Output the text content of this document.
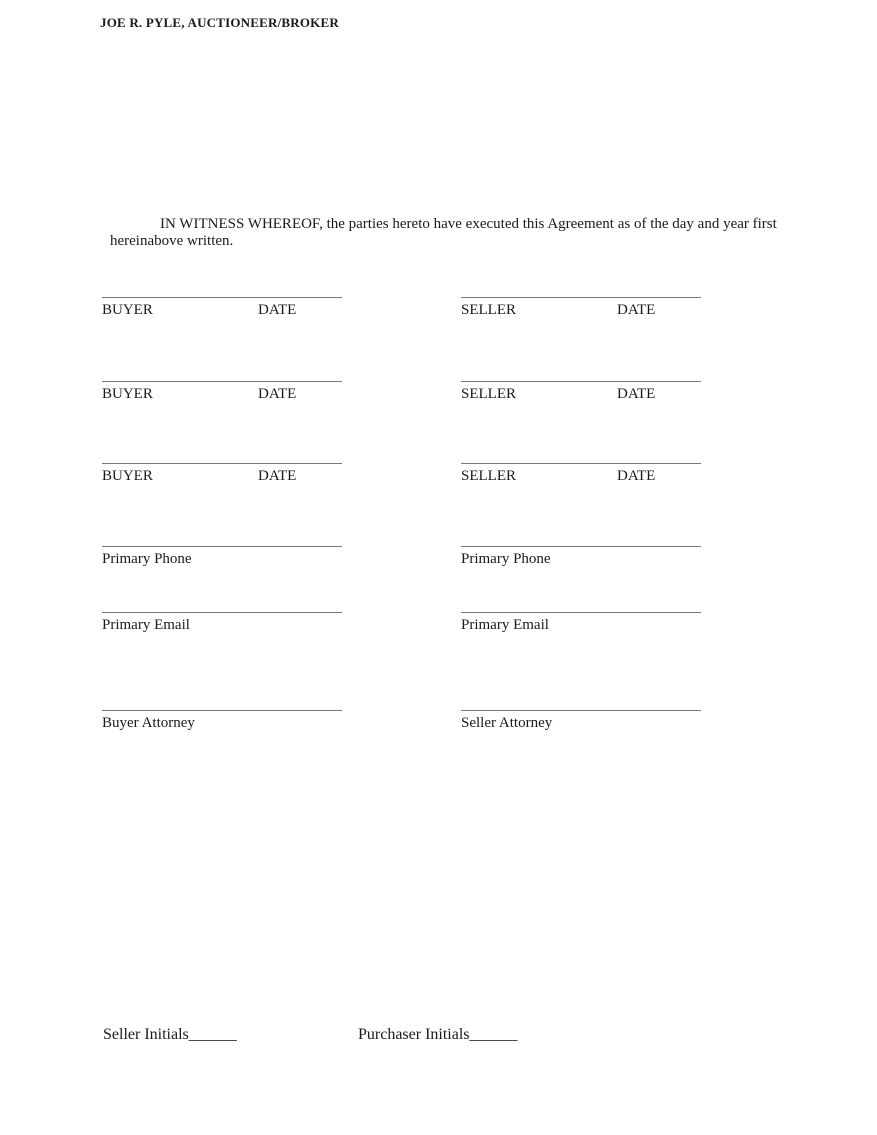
JOE R. PYLE, AUCTIONEER/BROKER
IN WITNESS WHEREOF, the parties hereto have executed this Agreement as of the day and year first hereinabove written.
BUYER	DATE	SELLER	DATE
BUYER	DATE	SELLER	DATE
BUYER	DATE	SELLER	DATE
Primary Phone	Primary Phone
Primary Email	Primary Email
Buyer Attorney	Seller Attorney
Seller Initials______	Purchaser Initials______
